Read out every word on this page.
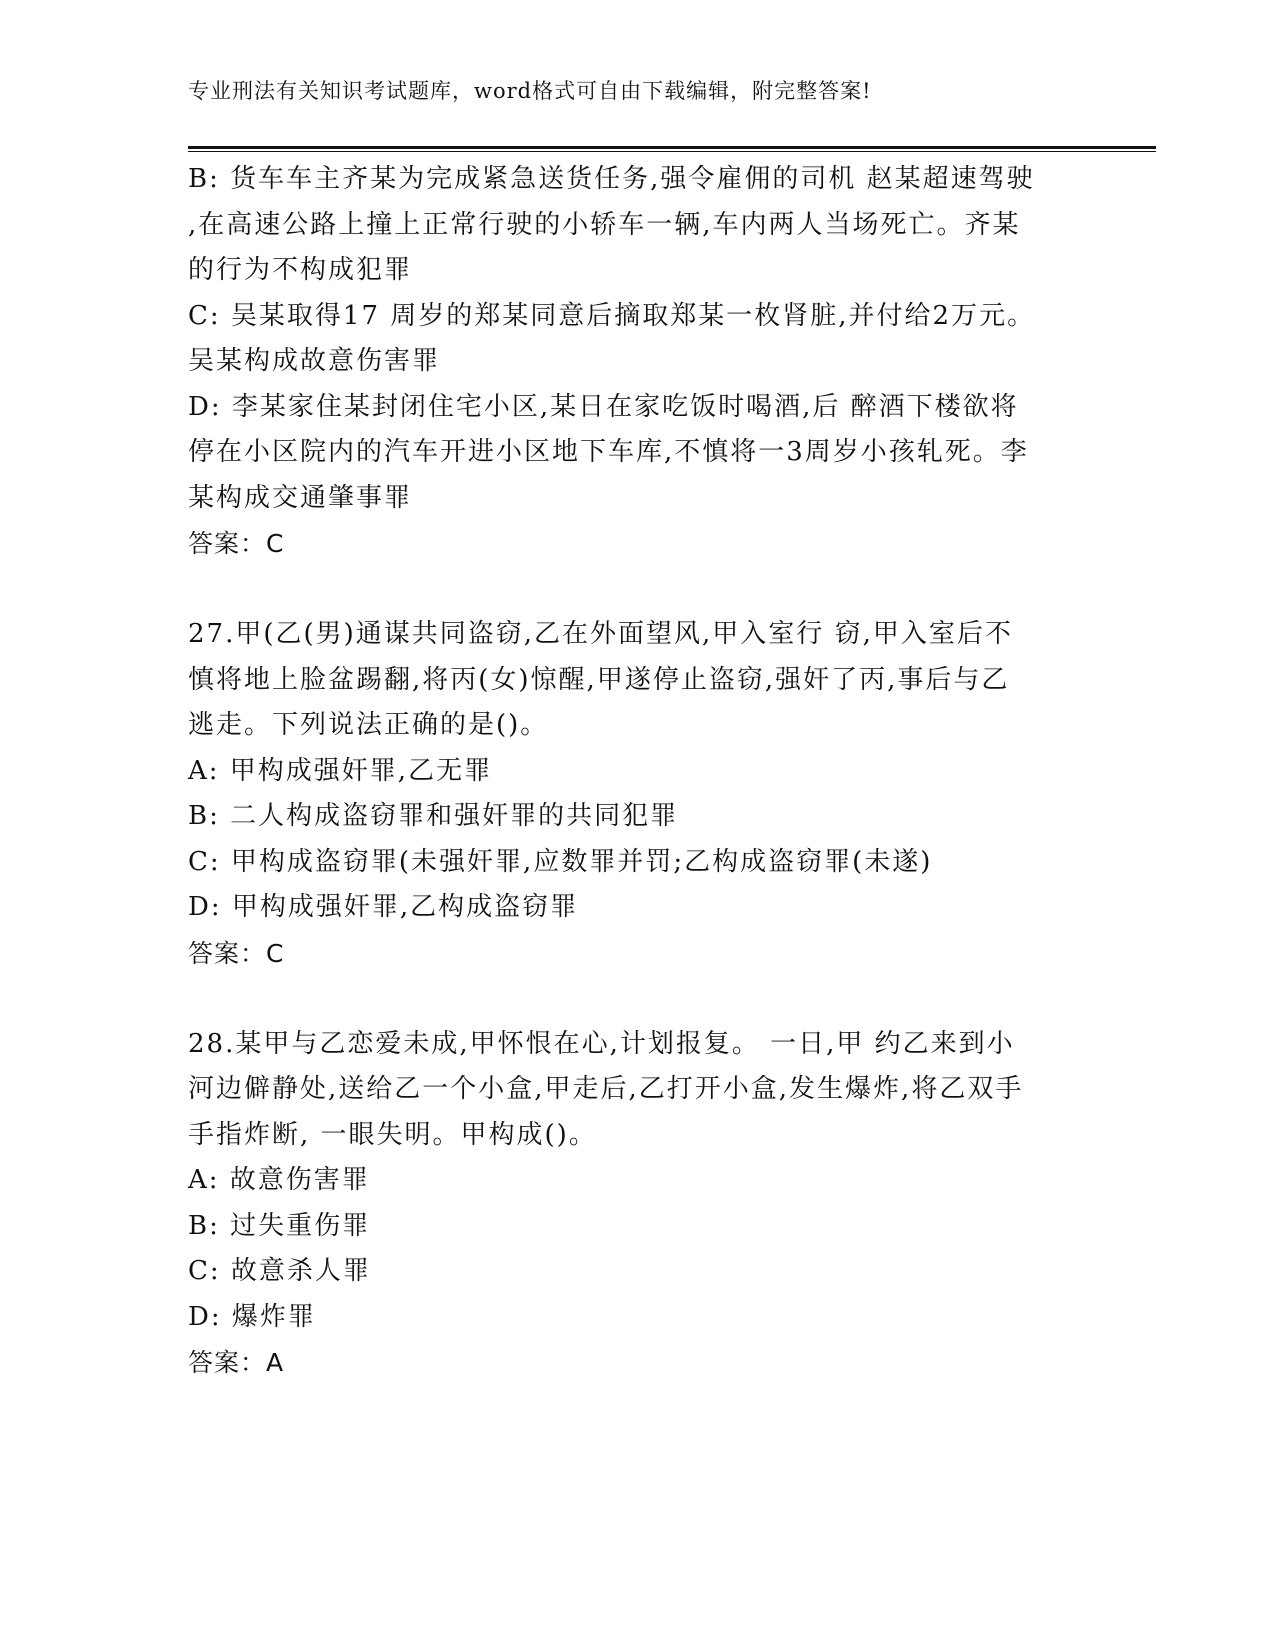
专业刑法有关知识考试题库，word格式可自由下载编辑，附完整答案!
B: 货车车主齐某为完成紧急送货任务,强令雇佣的司机 赵某超速驾驶
,在高速公路上撞上正常行驶的小轿车一辆,车内两人当场死亡。齐某
的行为不构成犯罪
C: 吴某取得17 周岁的郑某同意后摘取郑某一枚肾脏,并付给2万元。
吴某构成故意伤害罪
D: 李某家住某封闭住宅小区,某日在家吃饭时喝酒,后 醉酒下楼欲将
停在小区院内的汽车开进小区地下车库,不慎将一3周岁小孩轧死。李
某构成交通肇事罪
答案：C
27.甲(乙(男)通谋共同盗窃,乙在外面望风,甲入室行 窃,甲入室后不
慎将地上脸盆踢翻,将丙(女)惊醒,甲遂停止盗窃,强奸了丙,事后与乙
逃走。下列说法正确的是()。
A: 甲构成强奸罪,乙无罪
B: 二人构成盗窃罪和强奸罪的共同犯罪
C: 甲构成盗窃罪(未强奸罪,应数罪并罚;乙构成盗窃罪(未遂)
D: 甲构成强奸罪,乙构成盗窃罪
答案：C
28.某甲与乙恋爱未成,甲怀恨在心,计划报复。 一日,甲 约乙来到小
河边僻静处,送给乙一个小盒,甲走后,乙打开小盒,发生爆炸,将乙双手
手指炸断, 一眼失明。甲构成()。
A: 故意伤害罪
B: 过失重伤罪
C: 故意杀人罪
D: 爆炸罪
答案：A
